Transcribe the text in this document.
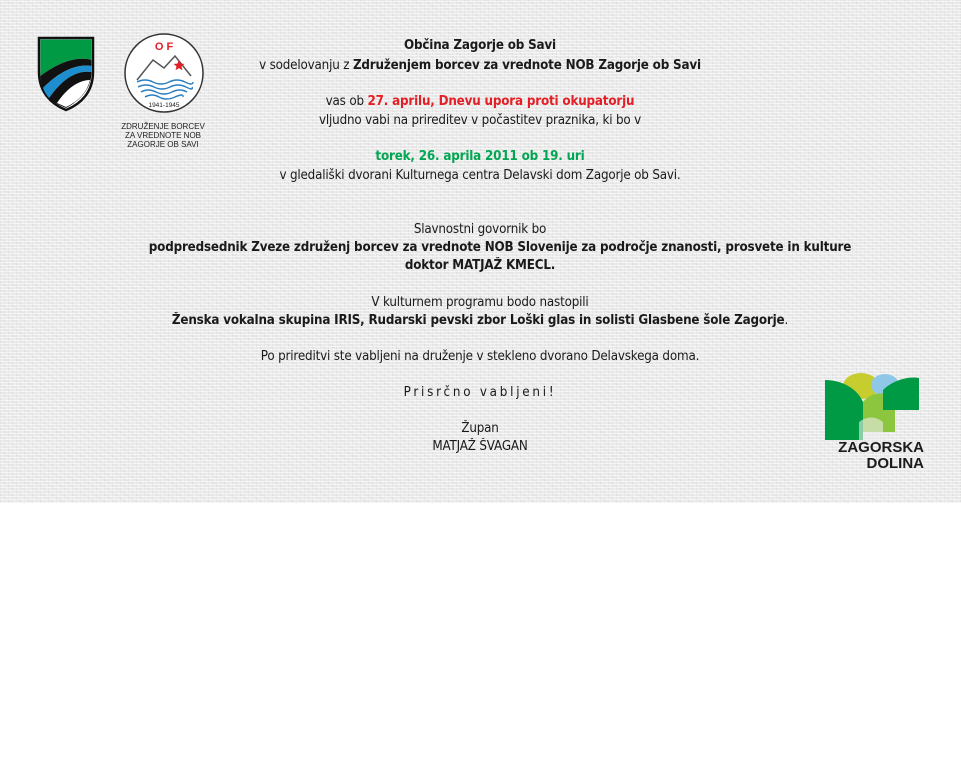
O F
1941-1945
ZDRUŽENJE BORCEV
ZA VREDNOTE NOB
ZAGORJE OB SAVI
Občina Zagorje ob Savi
v sodelovanju z Združenjem borcev za vrednote NOB Zagorje ob Savi
vas ob 27. aprilu, Dnevu upora proti okupatorju
vljudno vabi na prireditev v počastitev praznika, ki bo v
torek, 26. aprila 2011 ob 19. uri
v gledališki dvorani Kulturnega centra Delavski dom Zagorje ob Savi.
Slavnostni govornik bo
podpredsednik Zveze združenj borcev za vrednote NOB Slovenije za področje znanosti, prosvete in kulture
doktor MATJAŽ KMECL.
V kulturnem programu bodo nastopili
Ženska vokalna skupina IRIS, Rudarski pevski zbor Loški glas in solisti Glasbene šole Zagorje.
Po prireditvi ste vabljeni na druženje v stekleno dvorano Delavskega doma.
Prisrčno vabljeni!
Župan
MATJAŽ ŠVAGAN	ZAGORSKA
DOLINA
